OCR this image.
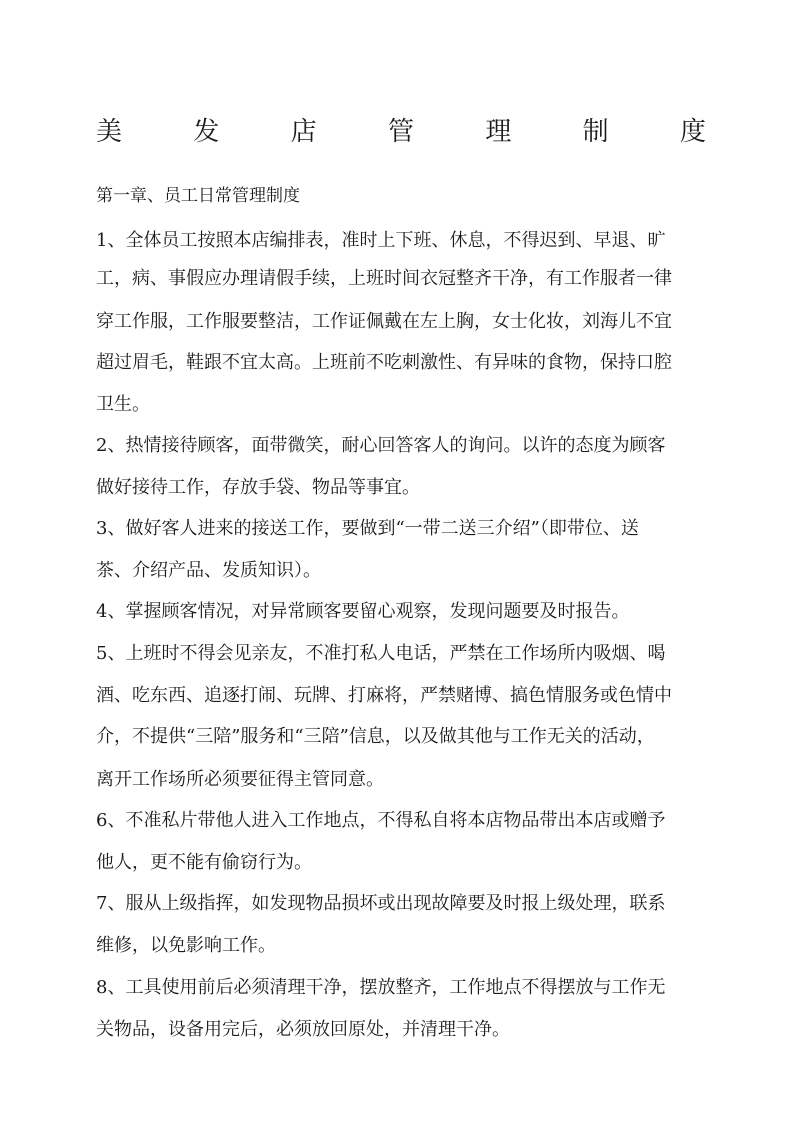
美	发	店	管	理	制	度
第一章、员工日常管理制度
1、全体员工按照本店编排表，准时上下班、休息，不得迟到、早退、旷
工，病、事假应办理请假手续，上班时间衣冠整齐干净，有工作服者一律
穿工作服，工作服要整洁，工作证佩戴在左上胸，女士化妆，刘海儿不宜
超过眉毛，鞋跟不宜太高。上班前不吃刺激性、有异味的食物，保持口腔
卫生。
2、热情接待顾客，面带微笑，耐心回答客人的询问。以许的态度为顾客
做好接待工作，存放手袋、物品等事宜。
3、做好客人进来的接送工作，要做到“一带二送三介绍”（即带位、送
茶、介绍产品、发质知识）。
4、掌握顾客情况，对异常顾客要留心观察，发现问题要及时报告。
5、上班时不得会见亲友，不准打私人电话，严禁在工作场所内吸烟、喝
酒、吃东西、追逐打闹、玩牌、打麻将，严禁赌博、搞色情服务或色情中
介，不提供“三陪”服务和“三陪”信息，以及做其他与工作无关的活动，
离开工作场所必须要征得主管同意。
6、不准私片带他人进入工作地点，不得私自将本店物品带出本店或赠予
他人，更不能有偷窃行为。
7、服从上级指挥，如发现物品损坏或出现故障要及时报上级处理，联系
维修，以免影响工作。
8、工具使用前后必须清理干净，摆放整齐，工作地点不得摆放与工作无
关物品，设备用完后，必须放回原处，并清理干净。
